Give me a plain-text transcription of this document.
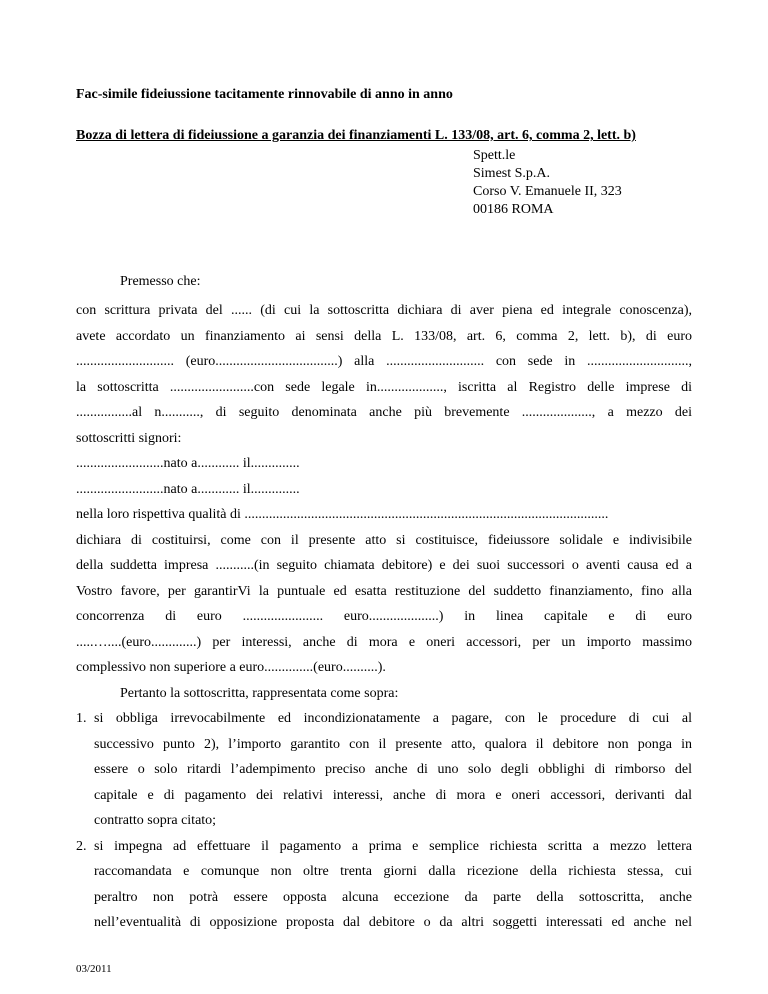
Fac-simile fideiussione tacitamente rinnovabile di anno in anno
Bozza di lettera di fideiussione a garanzia dei finanziamenti L. 133/08, art. 6, comma 2, lett. b)
Spett.le
Simest S.p.A.
Corso V. Emanuele II, 323
00186 ROMA
Premesso che:
con scrittura privata del ...... (di cui la sottoscritta dichiara di aver piena ed integrale conoscenza),
avete accordato un finanziamento ai sensi della L. 133/08, art. 6, comma 2, lett. b), di euro
............................ (euro...................................) alla ............................ con sede in .............................,
la sottoscritta ........................con sede legale in..................., iscritta al Registro delle imprese di
................al n..........., di seguito denominata anche più brevemente ...................., a mezzo dei
sottoscritti signori:
.........................nato a............ il..............
.........................nato a............ il..............
nella loro rispettiva qualità di ........................................................................................................
dichiara di costituirsi, come con il presente atto si costituisce, fideiussore solidale e indivisibile
della suddetta impresa ...........(in seguito chiamata debitore) e dei suoi successori o aventi causa ed a
Vostro favore, per garantirVi la puntuale ed esatta restituzione del suddetto finanziamento, fino alla
concorrenza di euro ....................... euro....................) in linea capitale e di euro
.....…....(euro.............) per interessi, anche di mora e oneri accessori, per un importo massimo
complessivo non superiore a euro..............(euro..........).
Pertanto la sottoscritta, rappresentata come sopra:
1. si obbliga irrevocabilmente ed incondizionatamente a pagare, con le procedure di cui al
successivo punto 2), l’importo garantito con il presente atto, qualora il debitore non ponga in
essere o solo ritardi l’adempimento preciso anche di uno solo degli obblighi di rimborso del
capitale e di pagamento dei relativi interessi, anche di mora e oneri accessori, derivanti dal
contratto sopra citato;
2. si impegna ad effettuare il pagamento a prima e semplice richiesta scritta a mezzo lettera
raccomandata e comunque non oltre trenta giorni dalla ricezione della richiesta stessa, cui
peraltro non potrà essere opposta alcuna eccezione da parte della sottoscritta, anche
nell’eventualità di opposizione proposta dal debitore o da altri soggetti interessati ed anche nel
03/2011
